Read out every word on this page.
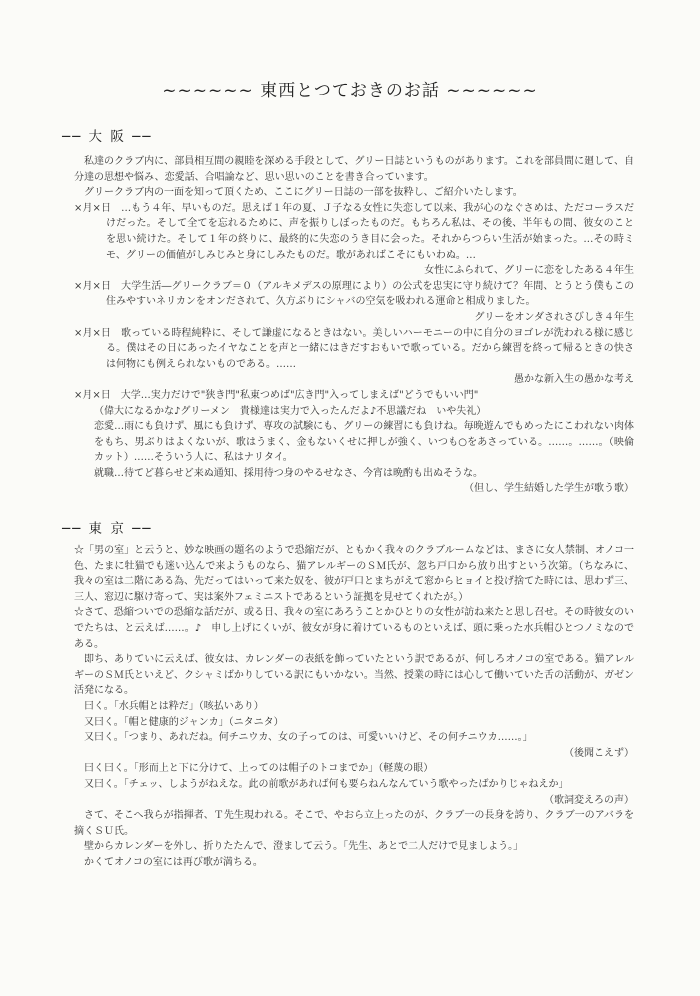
~~~~~~ 東西とつておきのお話 ~~~~~~
── 大 阪 ──

私達のクラブ内に、部員相互間の親睦を深める手段として、グリー日誌というものがあります。これを部員間に廻して、自分達の思想や悩み、恋愛話、合唱論など、思い思いのことを書き合っています。

グリークラブ内の一面を知って頂くため、ここにグリー日誌の一部を抜粋し、ご紹介いたします。

×月×日　…もう４年、早いものだ。思えば１年の夏、Ｊ子なる女性に失恋して以来、我が心のなぐさめは、ただコーラスだけだった。そして全てを忘れるために、声を振りしぼったものだ。もちろん私は、その後、半年もの間、彼女のことを思い続けた。そして１年の終りに、最終的に失恋のうき目に会った。それからつらい生活が始まった。…その時ミモ、グリーの価値がしみじみと身にしみたものだ。歌があればこそにもいわぬ。…

女性にふられて、グリーに恋をしたある４年生

×月×日　大学生活―グリークラブ＝０（アルキメデスの原理により）の公式を忠実に守り続けて？年間、とうとう僕もこの住みやすいネリカンをオンだされて、久方ぶりにシャバの空気を吸われる運命と相成りました。

グリーをオンダされさびしき４年生

×月×日　歌っている時程純粋に、そして謙虚になるときはない。美しいハーモニーの中に自分のヨゴレが洗われる様に感じる。僕はその日にあったイヤなことを声と一緒にはきだすおもいで歌っている。だから練習を終って帰るときの快さは何物にも例えられないものである。……

愚かな新入生の愚かな考え

×月×日　大学…実力だけで"狭き門"私東つめば"広き門"入ってしまえば"どうでもいい門"

（偉大になるかな♪グリーメン　貴様達は実力で入ったんだよ♪不思議だね　いや失礼）

恋愛…雨にも負けず、風にも負けず、専攻の試験にも、グリーの練習にも負けね。毎晩遊んでもめったにこわれない肉体をもち、男ぶりはよくないが、歌はうまく、金もないくせに押しが強く、いつも○をあさっている。……。……。（映倫カット）……そういう人に、私はナリタイ。

就職…待てど暮らせど来ぬ通知、採用待つ身のやるせなさ、今宵は晩酌も出ぬそうな。

（但し、学生結婚した学生が歌う歌）

── 東 京 ──

☆「男の室」と云うと、妙な映画の題名のようで恐縮だが、ともかく我々のクラブルームなどは、まさに女人禁制、オノコ一色、たまに牡猫でも迷い込んで来ようものなら、猫アレルギーのＳＭ氏が、忽ち戸口から放り出すという次第。（ちなみに、我々の室は二階にある為、先だってはいって来た奴を、彼が戸口とまちがえて窓からヒョイと投げ捨てた時には、思わず三、三人、窓辺に駆け寄って、実は案外フェミニストであるという証拠を見せてくれたが。）

☆さて、恐縮ついでの恐縮な話だが、或る日、我々の室にあろうことかひとりの女性が訪ね来たと思し召せ。その時彼女のいでたちは、と云えば……。♪　申し上げにくいが、彼女が身に着けているものといえば、頭に乗った水兵帽ひとつノミなのである。

即ち、ありていに云えば、彼女は、カレンダーの表紙を飾っていたという訳であるが、何しろオノコの室である。猫アレルギーのＳＭ氏といえど、クシャミばかりしている訳にもいかない。当然、授業の時には心して働いていた舌の活動が、ガゼン活発になる。

曰く。「水兵帽とは粋だ」（咳払いあり）

又曰く。「帽と健康的ジャンカ」（ニタニタ）

又曰く。「つまり、あれだね。何チニウカ、女の子ってのは、可愛いいけど、その何チニウカ……。」

（後聞こえず）

曰く曰く。「形而上と下に分けて、上ってのは帽子のトコまでか」（軽蔑の眼）

又曰く。「チェッ、しようがねえな。此の前歌があれば何も要らねんなんていう歌やったばかりじゃねえか」

（歌詞変えろの声）

さて、そこへ我らが指揮者、Ｔ先生現われる。そこで、やおら立上ったのが、クラブ一の長身を誇り、クラブ一のアバラを摘くＳＵ氏。

壁からカレンダーを外し、折りたたんで、澄まして云う。「先生、あとで二人だけで見ましよう。」

かくてオノコの室には再び歌が満ちる。
